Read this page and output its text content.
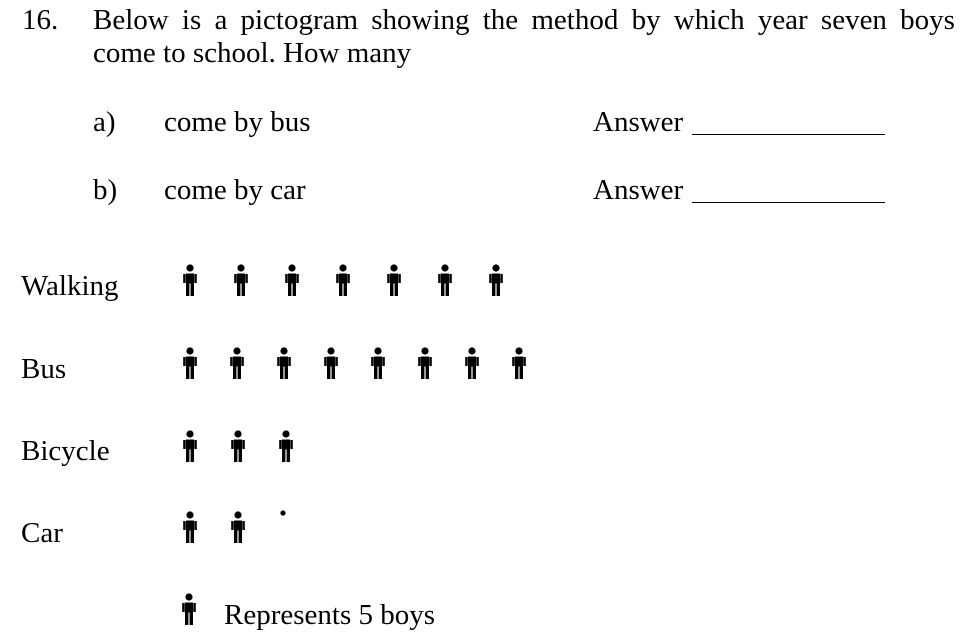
16. Below is a pictogram showing the method by which year seven boys
come to school. How many
a) come by bus	Answer
b) come by car	Answer
Walking
Bus
Bicycle
Car
Represents 5 boys
